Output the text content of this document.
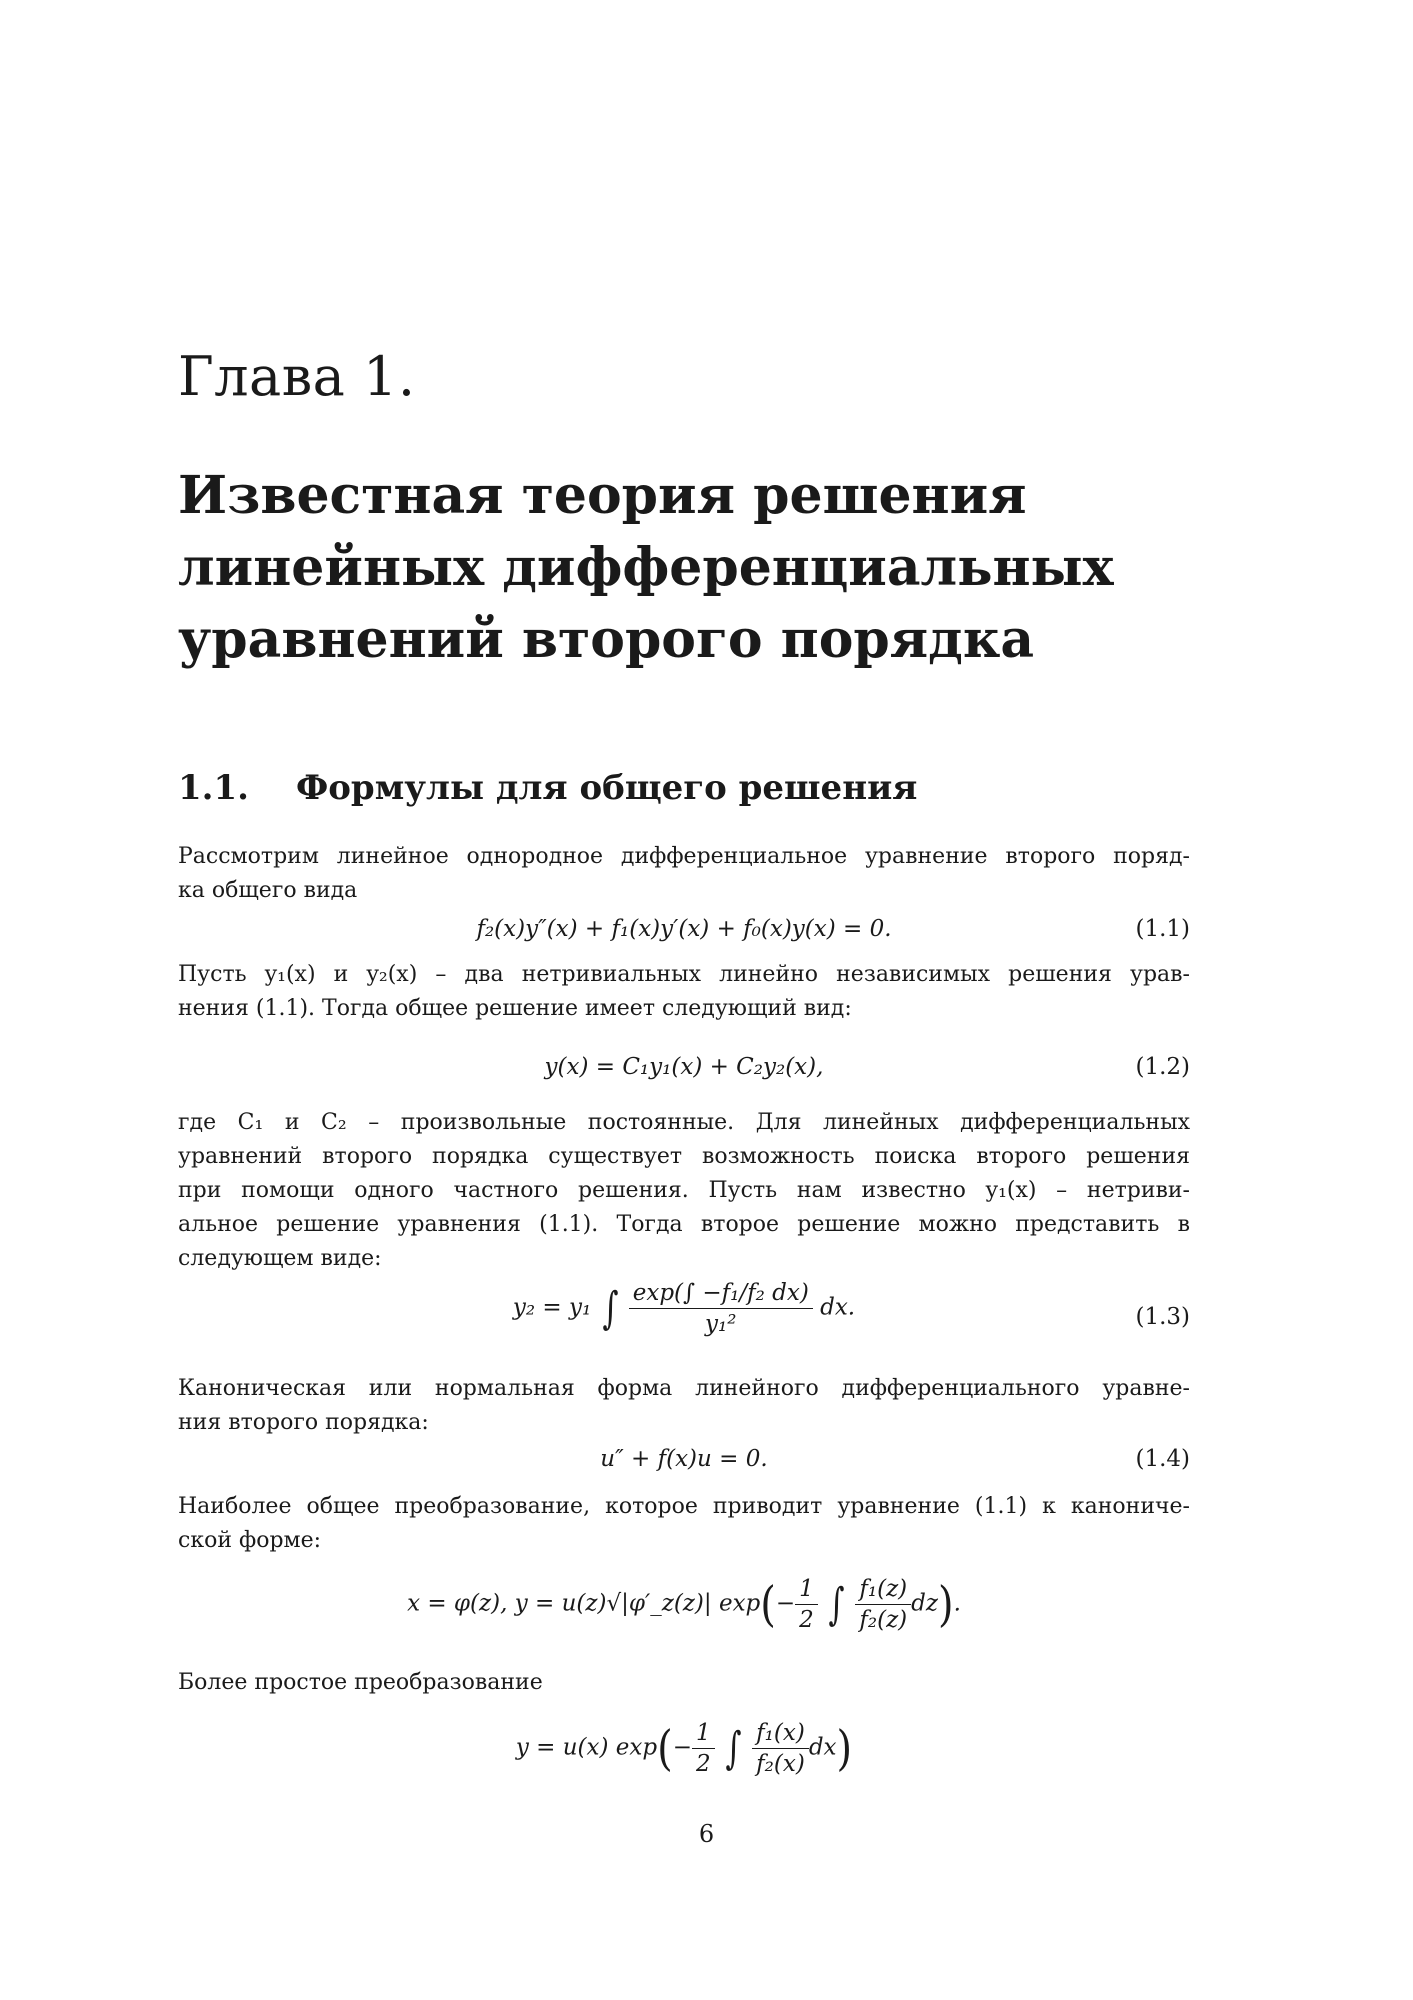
Глава 1.
Известная теория решения
линейных дифференциальных
уравнений второго порядка
1.1. Формулы для общего решения
Рассмотрим линейное однородное дифференциальное уравнение второго поряд-
ка общего вида
f₂(x)y″(x) + f₁(x)y′(x) + f₀(x)y(x) = 0.	(1.1)
Пусть y₁(x) и y₂(x) – два нетривиальных линейно независимых решения урав-
нения (1.1). Тогда общее решение имеет следующий вид:
y(x) = C₁y₁(x) + C₂y₂(x),	(1.2)
где C₁ и C₂ – произвольные постоянные. Для линейных дифференциальных
уравнений второго порядка существует возможность поиска второго решения
при помощи одного частного решения. Пусть нам известно y₁(x) – нетриви-
альное решение уравнения (1.1). Тогда второе решение можно представить в
следующем виде:
y₂ = y₁ ∫ $\frac{\text{exp(∫ −f₁/f₂ dx)}}{\text{y₁²}}$ dx.	(1.3)
Каноническая или нормальная форма линейного дифференциального уравне-
ния второго порядка:
u″ + f(x)u = 0.	(1.4)
Наиболее общее преобразование, которое приводит уравнение (1.1) к канониче-
ской форме:
x = φ(z), y = u(z)√|φ′_z(z)| $\exp(- \frac{1}{2}$ ∫ $\frac{\text{f₁(z)}}{\text{f₂(z)}} dz$).
Более простое преобразование
y = u(x) $\exp(- \frac{1}{2}$ ∫ $\frac{\text{f₁(x)}}{\text{f₂(x)}} dx$)
6
